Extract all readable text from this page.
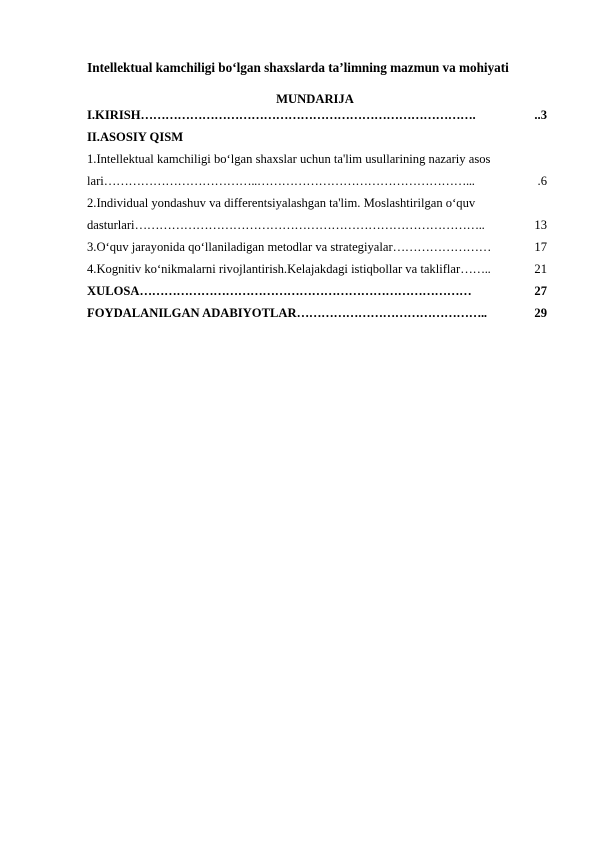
Intellektual kamchiligi bo‘lgan shaxslarda ta’limning mazmun va mohiyati
MUNDARIJA
I.KIRISH ……………………………………………………………………….	..3
II.ASOSIY QISM
1.Intellektual kamchiligi bo‘lgan shaxslar uchun ta'lim usullarining nazariy asos
lari ………………………………..……………………………………………...	.6
2.Individual yondashuv va differentsiyalashgan ta'lim. Moslashtirilgan o‘quv
dasturlari …………………………………………………………………………..	13
3.O‘quv jarayonida qo‘llaniladigan metodlar va strategiyalar ……………………	17
4.Kognitiv ko‘nikmalarni rivojlantirish.Kelajakdagi istiqbollar va takliflar ……..	21
XULOSA ………………………………………………………………………	27
FOYDALANILGAN ADABIYOTLAR ………………………………………..	29
